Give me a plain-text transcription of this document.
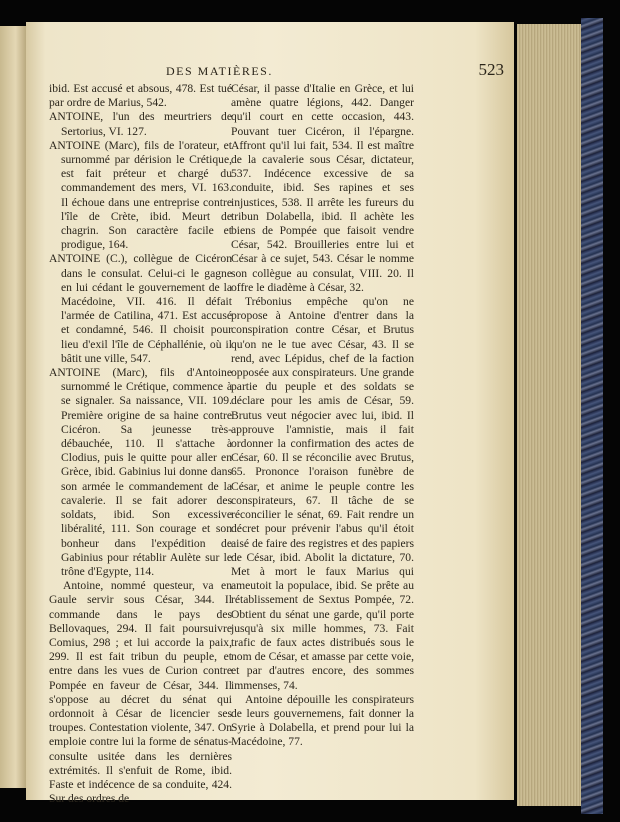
DES MATIÈRES.	523

ibid. Est accusé et absous, 478. Est tué par ordre de Marius, 542.

ANTOINE, l'un des meurtriers de Sertorius, VI. 127.

ANTOINE (Marc), fils de l'orateur, et surnommé par dérision le Crétique, est fait préteur et chargé du commandement des mers, VI. 163. Il échoue dans une entreprise contre l'île de Crète, ibid. Meurt de chagrin. Son caractère facile et prodigue, 164.

ANTOINE (C.), collègue de Cicéron dans le consulat. Celui-ci le gagne en lui cédant le gouvernement de la Macédoine, VII. 416. Il défait l'armée de Catilina, 471. Est accusé et condamné, 546. Il choisit pour lieu d'exil l'île de Céphallénie, où il bâtit une ville, 547.

ANTOINE (Marc), fils d'Antoine surnommé le Crétique, commence à se signaler. Sa naissance, VII. 109. Première origine de sa haine contre Cicéron. Sa jeunesse très-débauchée, 110. Il s'attache à Clodius, puis le quitte pour aller en Grèce, ibid. Gabinius lui donne dans son armée le commandement de la cavalerie. Il se fait adorer des soldats, ibid. Son excessive libéralité, 111. Son courage et son bonheur dans l'expédition de Gabinius pour rétablir Aulète sur le trône d'Egypte, 114.

Antoine, nommé questeur, va en Gaule servir sous César, 344. Il commande dans le pays des Bellovaques, 294. Il fait poursuivre Comius, 298 ; et lui accorde la paix, 299. Il est fait tribun du peuple, et entre dans les vues de Curion contre Pompée en faveur de César, 344. Il s'oppose au décret du sénat qui ordonnoit à César de licencier ses troupes. Contestation violente, 347. On emploie contre lui la forme de sénatus-consulte usitée dans les dernières extrémités. Il s'enfuit de Rome, ibid. Faste et indécence de sa conduite, 424. Sur des ordres de

César, il passe d'Italie en Grèce, et lui amène quatre légions, 442. Danger qu'il court en cette occasion, 443. Pouvant tuer Cicéron, il l'épargne. Affront qu'il lui fait, 534. Il est maître de la cavalerie sous César, dictateur, 537. Indécence excessive de sa conduite, ibid. Ses rapines et ses injustices, 538. Il arrête les fureurs du tribun Dolabella, ibid. Il achète les biens de Pompée que faisoit vendre César, 542. Brouilleries entre lui et César à ce sujet, 543. César le nomme son collègue au consulat, VIII. 20. Il offre le diadème à César, 32.

Trébonius empêche qu'on ne propose à Antoine d'entrer dans la conspiration contre César, et Brutus qu'on ne le tue avec César, 43. Il se rend, avec Lépidus, chef de la faction opposée aux conspirateurs. Une grande partie du peuple et des soldats se déclare pour les amis de César, 59. Brutus veut négocier avec lui, ibid. Il approuve l'amnistie, mais il fait ordonner la confirmation des actes de César, 60. Il se réconcilie avec Brutus, 65. Prononce l'oraison funèbre de César, et anime le peuple contre les conspirateurs, 67. Il tâche de se réconcilier le sénat, 69. Fait rendre un décret pour prévenir l'abus qu'il étoit aisé de faire des registres et des papiers de César, ibid. Abolit la dictature, 70. Met à mort le faux Marius qui ameutoit la populace, ibid. Se prête au rétablissement de Sextus Pompée, 72. Obtient du sénat une garde, qu'il porte jusqu'à six mille hommes, 73. Fait trafic de faux actes distribués sous le nom de César, et amasse par cette voie, et par d'autres encore, des sommes immenses, 74.

Antoine dépouille les conspirateurs de leurs gouvernemens, fait donner la Syrie à Dolabella, et prend pour lui la Macédoine, 77.
